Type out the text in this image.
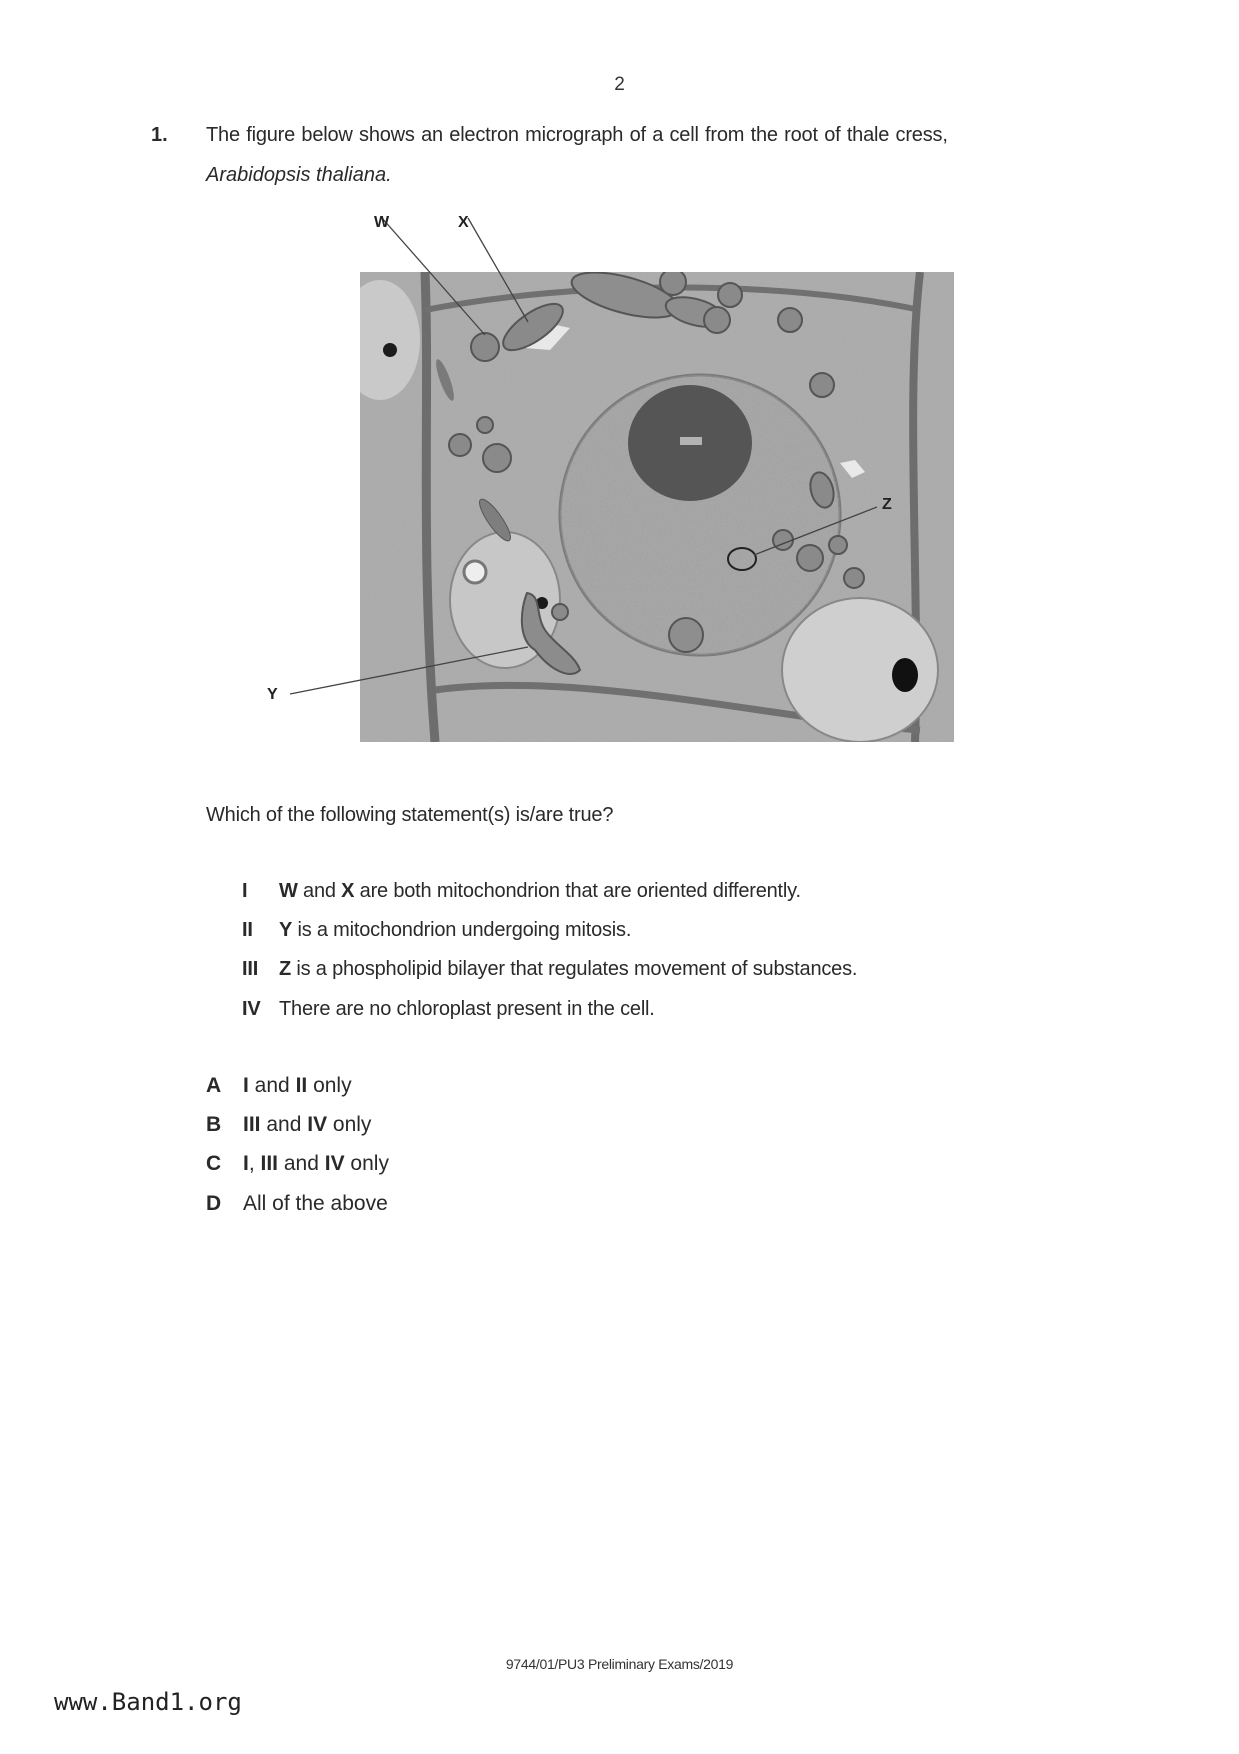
2
1. The figure below shows an electron micrograph of a cell from the root of thale cress,
Arabidopsis thaliana.
W	X
Y
Z
Which of the following statement(s) is/are true?
I W and X are both mitochondrion that are oriented differently.
II Y is a mitochondrion undergoing mitosis.
III Z is a phospholipid bilayer that regulates movement of substances.
IV There are no chloroplast present in the cell.
A I and II only
B III and IV only
C I, III and IV only
D All of the above
9744/01/PU3 Preliminary Exams/2019
www.Band1.org
